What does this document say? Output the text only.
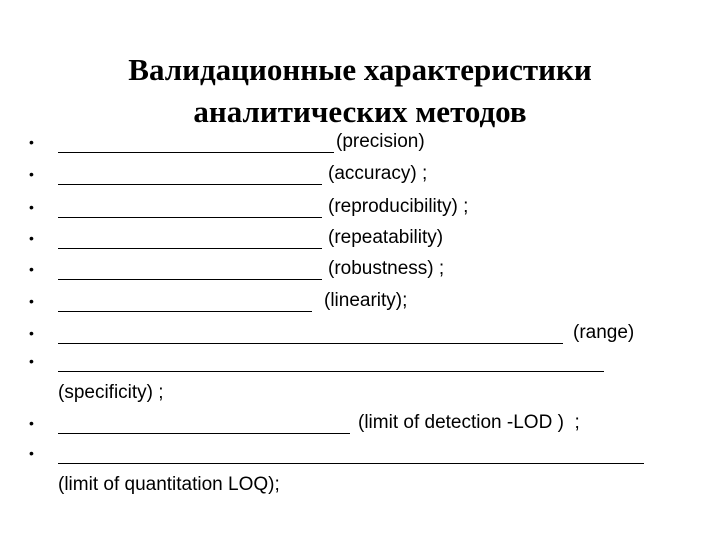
Валидационные характеристики
аналитических методов
•	(precision)
•	(accuracy) ;
•	(reproducibility) ;
•	(repeatability)
•	(robustness) ;
•	(linearity);
•	(range)
•
(specificity) ;
•	(limit of detection -LOD )  ;
•
(limit of quantitation LOQ);
